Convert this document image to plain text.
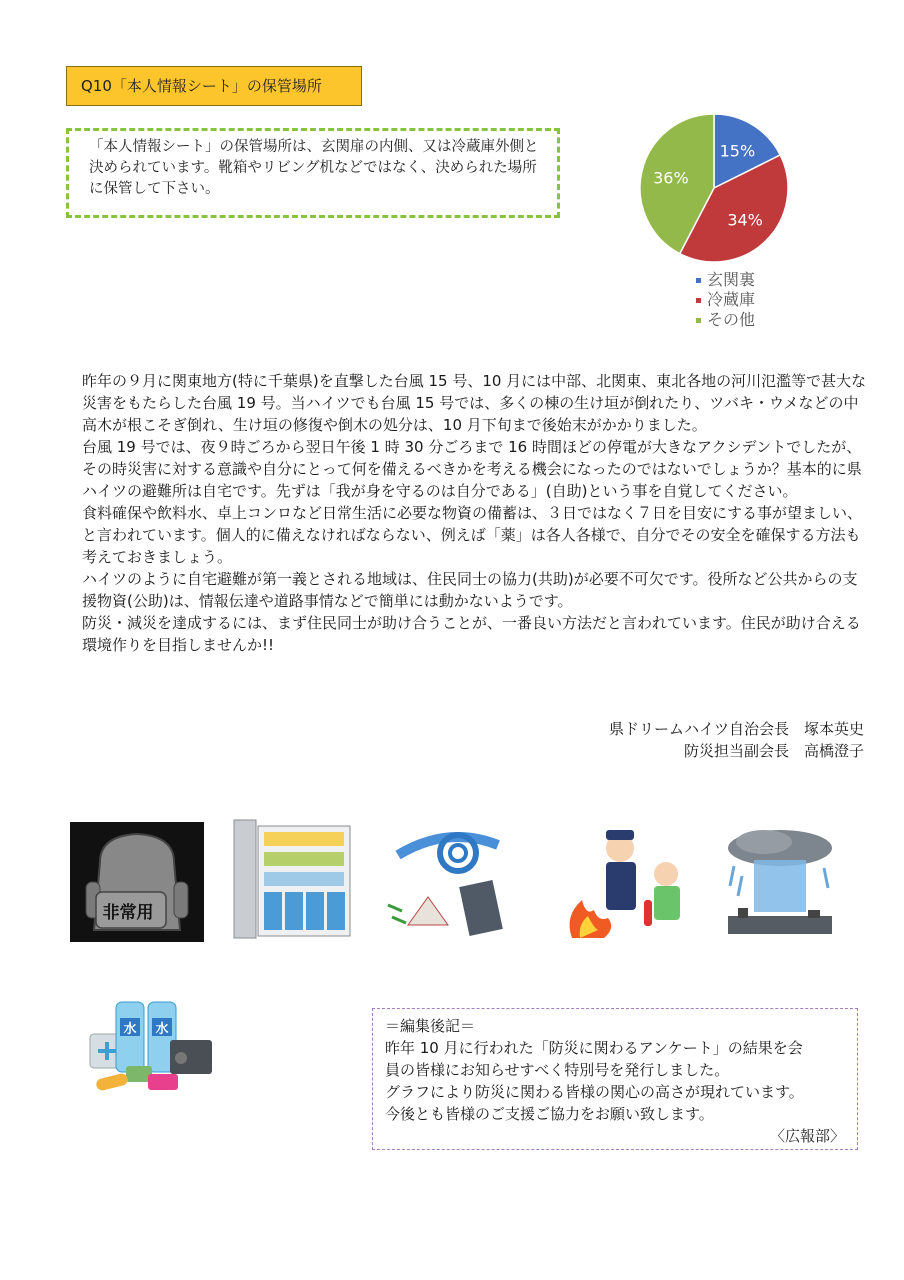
Q10「本人情報シート」の保管場所
「本人情報シート」の保管場所は、玄関扉の内側、又は冷蔵庫外側と決められています。靴箱やリビング机などではなく、決められた場所に保管して下さい。
15%
34%
36%
玄関裏
冷蔵庫
その他

昨年の９月に関東地方(特に千葉県)を直撃した台風 15 号、10 月には中部、北関東、東北各地の河川氾濫等で甚大な災害をもたらした台風 19 号。当ハイツでも台風 15 号では、多くの棟の生け垣が倒れたり、ツバキ・ウメなどの中高木が根こそぎ倒れ、生け垣の修復や倒木の処分は、10 月下旬まで後始末がかかりました。

台風 19 号では、夜９時ごろから翌日午後 1 時 30 分ごろまで 16 時間ほどの停電が大きなアクシデントでしたが、その時災害に対する意識や自分にとって何を備えるべきかを考える機会になったのではないでしょうか？基本的に県ハイツの避難所は自宅です。先ずは「我が身を守るのは自分である」(自助)という事を自覚してください。

食料確保や飲料水、卓上コンロなど日常生活に必要な物資の備蓄は、３日ではなく７日を目安にする事が望ましい、と言われています。個人的に備えなければならない、例えば「薬」は各人各様で、自分でその安全を確保する方法も考えておきましょう。

ハイツのように自宅避難が第一義とされる地域は、住民同士の協力(共助)が必要不可欠です。役所など公共からの支援物資(公助)は、情報伝達や道路事情などで簡単には動かないようです。

防災・減災を達成するには、まず住民同士が助け合うことが、一番良い方法だと言われています。住民が助け合える環境作りを目指しませんか!!

県ドリームハイツ自治会長　塚本英史
防災担当副会長　高橋澄子
非常用
水 水	＝編集後記＝
昨年 10 月に行われた「防災に関わるアンケート」の結果を会
員の皆様にお知らせすべく特別号を発行しました。
グラフにより防災に関わる皆様の関心の高さが現れています。
今後とも皆様のご支援ご協力をお願い致します。
〈広報部〉
